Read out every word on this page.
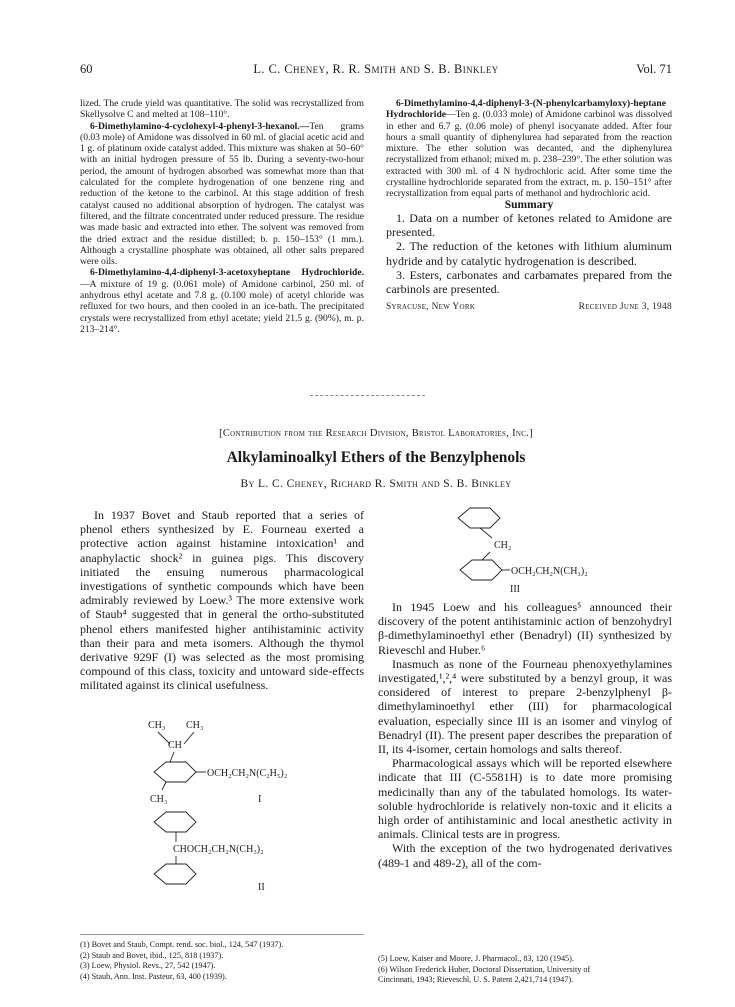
60	L. C. Cheney, R. R. Smith and S. B. Binkley	Vol. 71

lized. The crude yield was quantitative. The solid was recrystallized from Skellysolve C and melted at 108–110°.

6-Dimethylamino-4-cyclohexyl-4-phenyl-3-hexanol.—Ten grams (0.03 mole) of Amidone was dissolved in 60 ml. of glacial acetic acid and 1 g. of platinum oxide catalyst added. This mixture was shaken at 50–60° with an initial hydrogen pressure of 55 lb. During a seventy-two-hour period, the amount of hydrogen absorbed was somewhat more than that calculated for the complete hydrogenation of one benzene ring and reduction of the ketone to the carbinol. At this stage addition of fresh catalyst caused no additional absorption of hydrogen. The catalyst was filtered, and the filtrate concentrated under reduced pressure. The residue was made basic and extracted into ether. The solvent was removed from the dried extract and the residue distilled; b. p. 150–153° (1 mm.). Although a crystalline phosphate was obtained, all other salts prepared were oils.

6-Dimethylamino-4,4-diphenyl-3-acetoxyheptane Hydrochloride.—A mixture of 19 g. (0.061 mole) of Amidone carbinol, 250 ml. of anhydrous ethyl acetate and 7.8 g. (0.100 mole) of acetyl chloride was refluxed for two hours, and then cooled in an ice-bath. The precipitated crystals were recrystallized from ethyl acetate; yield 21.5 g. (90%), m. p. 213–214°.

6-Dimethylamino-4,4-diphenyl-3-(N-phenylcarbamyloxy)-heptane Hydrochloride—Ten g. (0.033 mole) of Amidone carbinol was dissolved in ether and 6.7 g. (0.06 mole) of phenyl isocyanate added. After four hours a small quantity of diphenylurea had separated from the reaction mixture. The ether solution was decanted, and the diphenylurea recrystallized from ethanol; mixed m. p. 238–239°. The ether solution was extracted with 300 ml. of 4 N hydrochloric acid. After some time the crystalline hydrochloride separated from the extract, m. p. 150–151° after recrystallization from equal parts of methanol and hydrochloric acid.

Summary

1. Data on a number of ketones related to Amidone are presented.

2. The reduction of the ketones with lithium aluminum hydride and by catalytic hydrogenation is described.

3. Esters, carbonates and carbamates prepared from the carbinols are presented.

Syracuse, New York	Received June 3, 1948
[Contribution from the Research Division, Bristol Laboratories, Inc.]
Alkylaminoalkyl Ethers of the Benzylphenols
By L. C. Cheney, Richard R. Smith and S. B. Binkley

In 1937 Bovet and Staub reported that a series of phenol ethers synthesized by E. Fourneau exerted a protective action against histamine intoxication¹ and anaphylactic shock² in guinea pigs. This discovery initiated the ensuing numerous pharmacological investigations of synthetic compounds which have been admirably reviewed by Loew.³ The more extensive work of Staub⁴ suggested that in general the ortho-substituted phenol ethers manifested higher antihistaminic activity than their para and meta isomers. Although the thymol derivative 929F (I) was selected as the most promising compound of this class, toxicity and untoward side-effects militated against its clinical usefulness.

CH₃ CH₃
CH
OCH₂CH₂N(C₂H₅)₂
CH₃	I
CHOCH₂CH₂N(CH₃)₂
II
(1) Bovet and Staub, Compt. rend. soc. biol., 124, 547 (1937).
(2) Staub and Bovet, ibid., 125, 818 (1937).
(3) Loew, Physiol. Revs., 27, 542 (1947).
(4) Staub, Ann. Inst. Pasteur, 63, 400 (1939).
CH₂
OCH₂CH₂N(CH₃)₂
III

In 1945 Loew and his colleagues⁵ announced their discovery of the potent antihistaminic action of benzohydryl β-dimethylaminoethyl ether (Benadryl) (II) synthesized by Rieveschl and Huber.⁶

Inasmuch as none of the Fourneau phenoxyethylamines investigated,¹,²,⁴ were substituted by a benzyl group, it was considered of interest to prepare 2-benzylphenyl β-dimethylaminoethyl ether (III) for pharmacological evaluation, especially since III is an isomer and vinylog of Benadryl (II). The present paper describes the preparation of II, its 4-isomer, certain homologs and salts thereof.

Pharmacological assays which will be reported elsewhere indicate that III (C-5581H) is to date more promising medicinally than any of the tabulated homologs. Its water-soluble hydrochloride is relatively non-toxic and it elicits a high order of antihistaminic and local anesthetic activity in animals. Clinical tests are in progress.

With the exception of the two hydrogenated derivatives (489-1 and 489-2), all of the com-

(5) Loew, Kaiser and Moore, J. Pharmacol., 83, 120 (1945).
(6) Wilson Frederick Huber, Doctoral Dissertation, University of
Cincinnati, 1943; Rieveschl, U. S. Patent 2,421,714 (1947).
